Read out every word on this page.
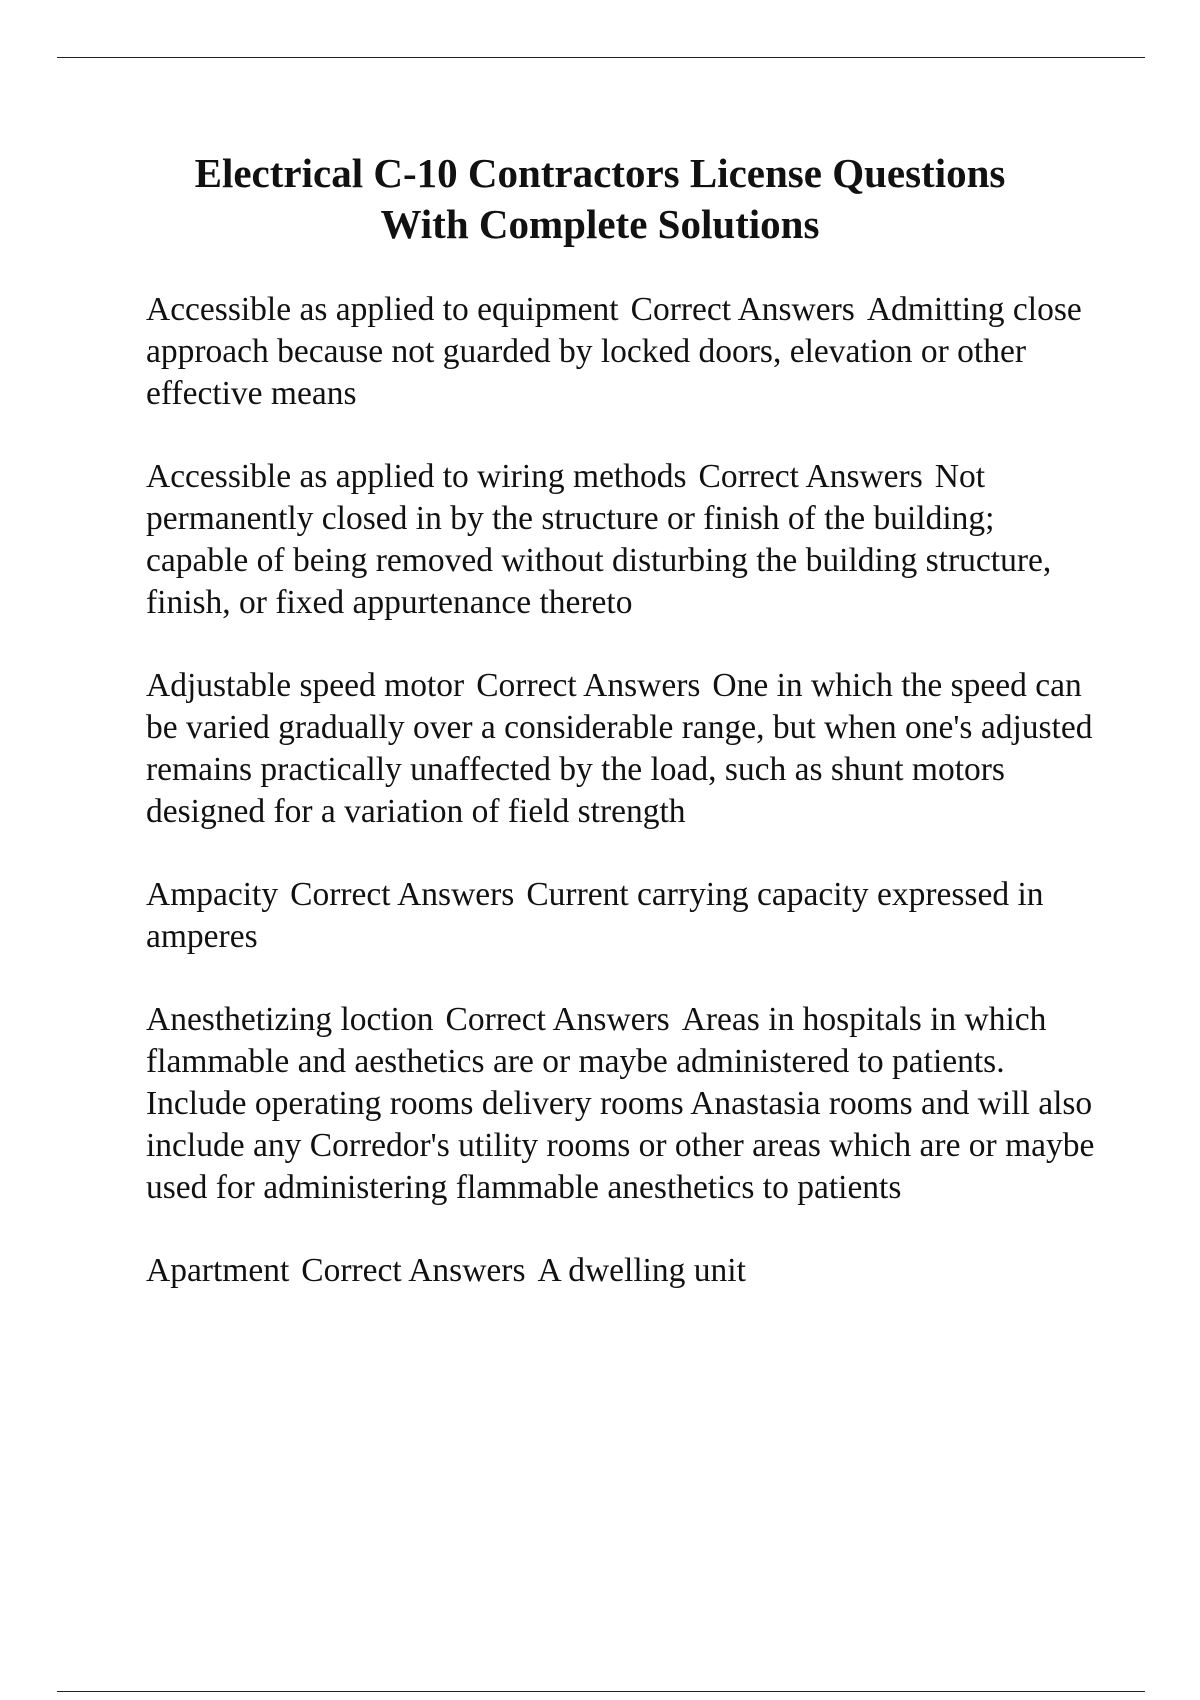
Electrical C-10 Contractors License Questions
With Complete Solutions

Accessible as applied to equipment Correct Answers Admitting close approach because not guarded by locked doors, elevation or other effective means

Accessible as applied to wiring methods Correct Answers Not permanently closed in by the structure or finish of the building; capable of being removed without disturbing the building structure, finish, or fixed appurtenance thereto

Adjustable speed motor Correct Answers One in which the speed can be varied gradually over a considerable range, but when one's adjusted remains practically unaffected by the load, such as shunt motors designed for a variation of field strength

Ampacity Correct Answers Current carrying capacity expressed in amperes

Anesthetizing loction Correct Answers Areas in hospitals in which flammable and aesthetics are or maybe administered to patients. Include operating rooms delivery rooms Anastasia rooms and will also include any Corredor's utility rooms or other areas which are or maybe used for administering flammable anesthetics to patients

Apartment Correct Answers A dwelling unit
